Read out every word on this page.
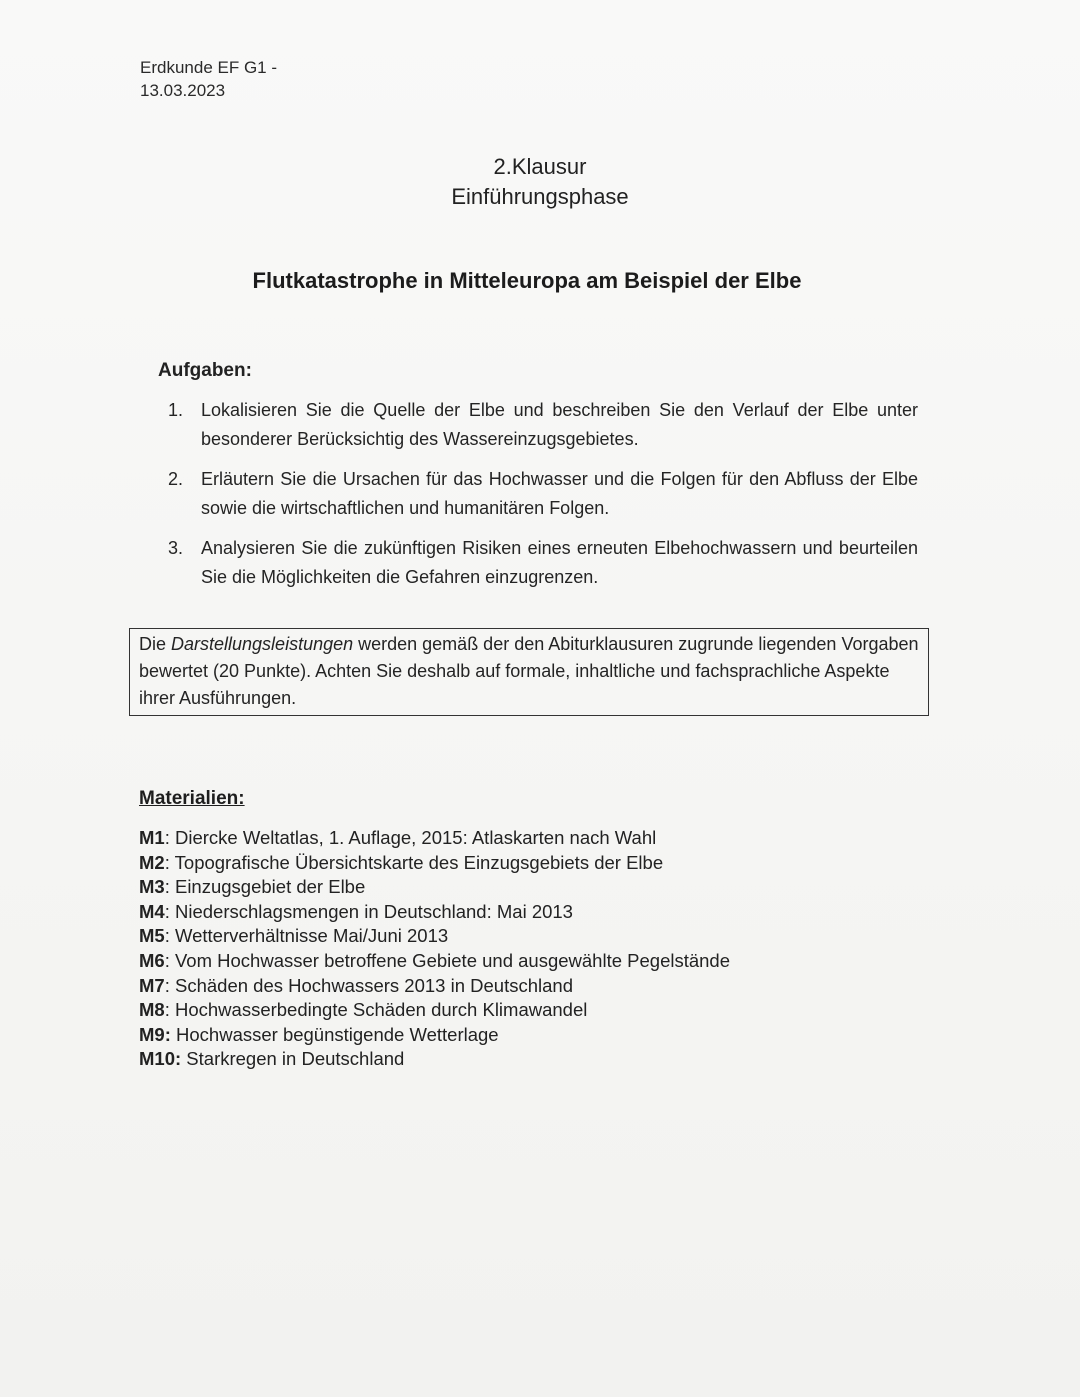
Erdkunde EF G1 -
13.03.2023
2.Klausur
Einführungsphase
Flutkatastrophe in Mitteleuropa am Beispiel der Elbe
Aufgaben:
1. Lokalisieren Sie die Quelle der Elbe und beschreiben Sie den Verlauf der Elbe unter besonderer Berücksichtig des Wassereinzugsgebietes.
2. Erläutern Sie die Ursachen für das Hochwasser und die Folgen für den Abfluss der Elbe sowie die wirtschaftlichen und humanitären Folgen.
3. Analysieren Sie die zukünftigen Risiken eines erneuten Elbehochwassern und beurteilen Sie die Möglichkeiten die Gefahren einzugrenzen.
Die Darstellungsleistungen werden gemäß der den Abiturklausuren zugrunde liegenden Vorgaben bewertet (20 Punkte). Achten Sie deshalb auf formale, inhaltliche und fachsprachliche Aspekte ihrer Ausführungen.
Materialien:
M1: Diercke Weltatlas, 1. Auflage, 2015: Atlaskarten nach Wahl
M2: Topografische Übersichtskarte des Einzugsgebiets der Elbe
M3: Einzugsgebiet der Elbe
M4: Niederschlagsmengen in Deutschland: Mai 2013
M5: Wetterverhältnisse Mai/Juni 2013
M6: Vom Hochwasser betroffene Gebiete und ausgewählte Pegelstände
M7: Schäden des Hochwassers 2013 in Deutschland
M8: Hochwasserbedingte Schäden durch Klimawandel
M9: Hochwasser begünstigende Wetterlage
M10: Starkregen in Deutschland
